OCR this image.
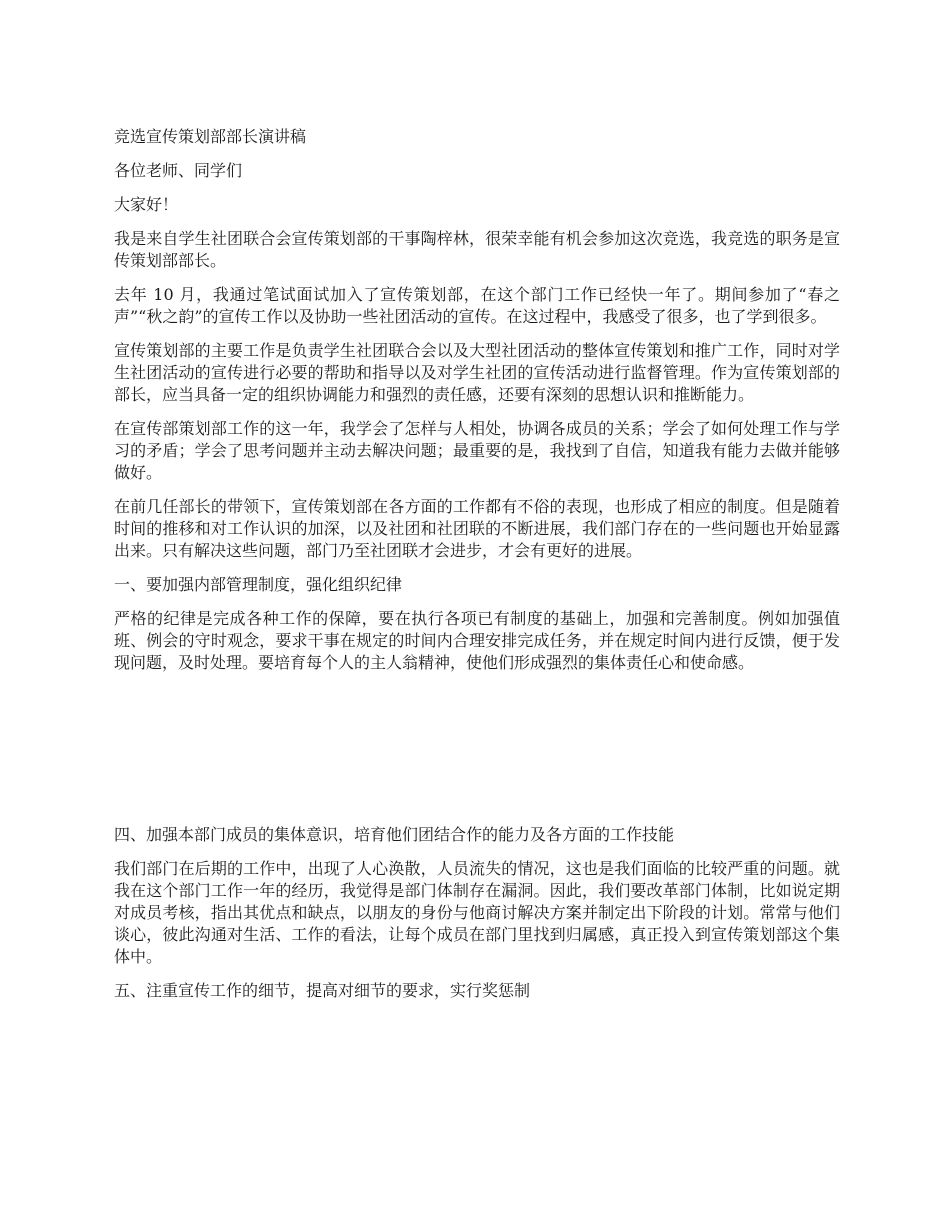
竞选宣传策划部部长演讲稿

各位老师、同学们

大家好！

我是来自学生社团联合会宣传策划部的干事陶梓林，很荣幸能有机会参加这次竞选，我竞选的职务是宣传策划部部长。

去年 10 月，我通过笔试面试加入了宣传策划部，在这个部门工作已经快一年了。期间参加了“春之声”“秋之韵”的宣传工作以及协助一些社团活动的宣传。在这过程中，我感受了很多，也了学到很多。

宣传策划部的主要工作是负责学生社团联合会以及大型社团活动的整体宣传策划和推广工作，同时对学生社团活动的宣传进行必要的帮助和指导以及对学生社团的宣传活动进行监督管理。作为宣传策划部的部长，应当具备一定的组织协调能力和强烈的责任感，还要有深刻的思想认识和推断能力。

在宣传部策划部工作的这一年，我学会了怎样与人相处，协调各成员的关系；学会了如何处理工作与学习的矛盾；学会了思考问题并主动去解决问题；最重要的是，我找到了自信，知道我有能力去做并能够做好。

在前几任部长的带领下，宣传策划部在各方面的工作都有不俗的表现，也形成了相应的制度。但是随着时间的推移和对工作认识的加深，以及社团和社团联的不断进展，我们部门存在的一些问题也开始显露出来。只有解决这些问题，部门乃至社团联才会进步，才会有更好的进展。

一、要加强内部管理制度，强化组织纪律

严格的纪律是完成各种工作的保障，要在执行各项已有制度的基础上，加强和完善制度。例如加强值班、例会的守时观念，要求干事在规定的时间内合理安排完成任务，并在规定时间内进行反馈，便于发现问题，及时处理。要培育每个人的主人翁精神，使他们形成强烈的集体责任心和使命感。

四、加强本部门成员的集体意识，培育他们团结合作的能力及各方面的工作技能

我们部门在后期的工作中，出现了人心涣散，人员流失的情况，这也是我们面临的比较严重的问题。就我在这个部门工作一年的经历，我觉得是部门体制存在漏洞。因此，我们要改革部门体制，比如说定期对成员考核，指出其优点和缺点，以朋友的身份与他商讨解决方案并制定出下阶段的计划。常常与他们谈心，彼此沟通对生活、工作的看法，让每个成员在部门里找到归属感，真正投入到宣传策划部这个集体中。

五、注重宣传工作的细节，提高对细节的要求，实行奖惩制
